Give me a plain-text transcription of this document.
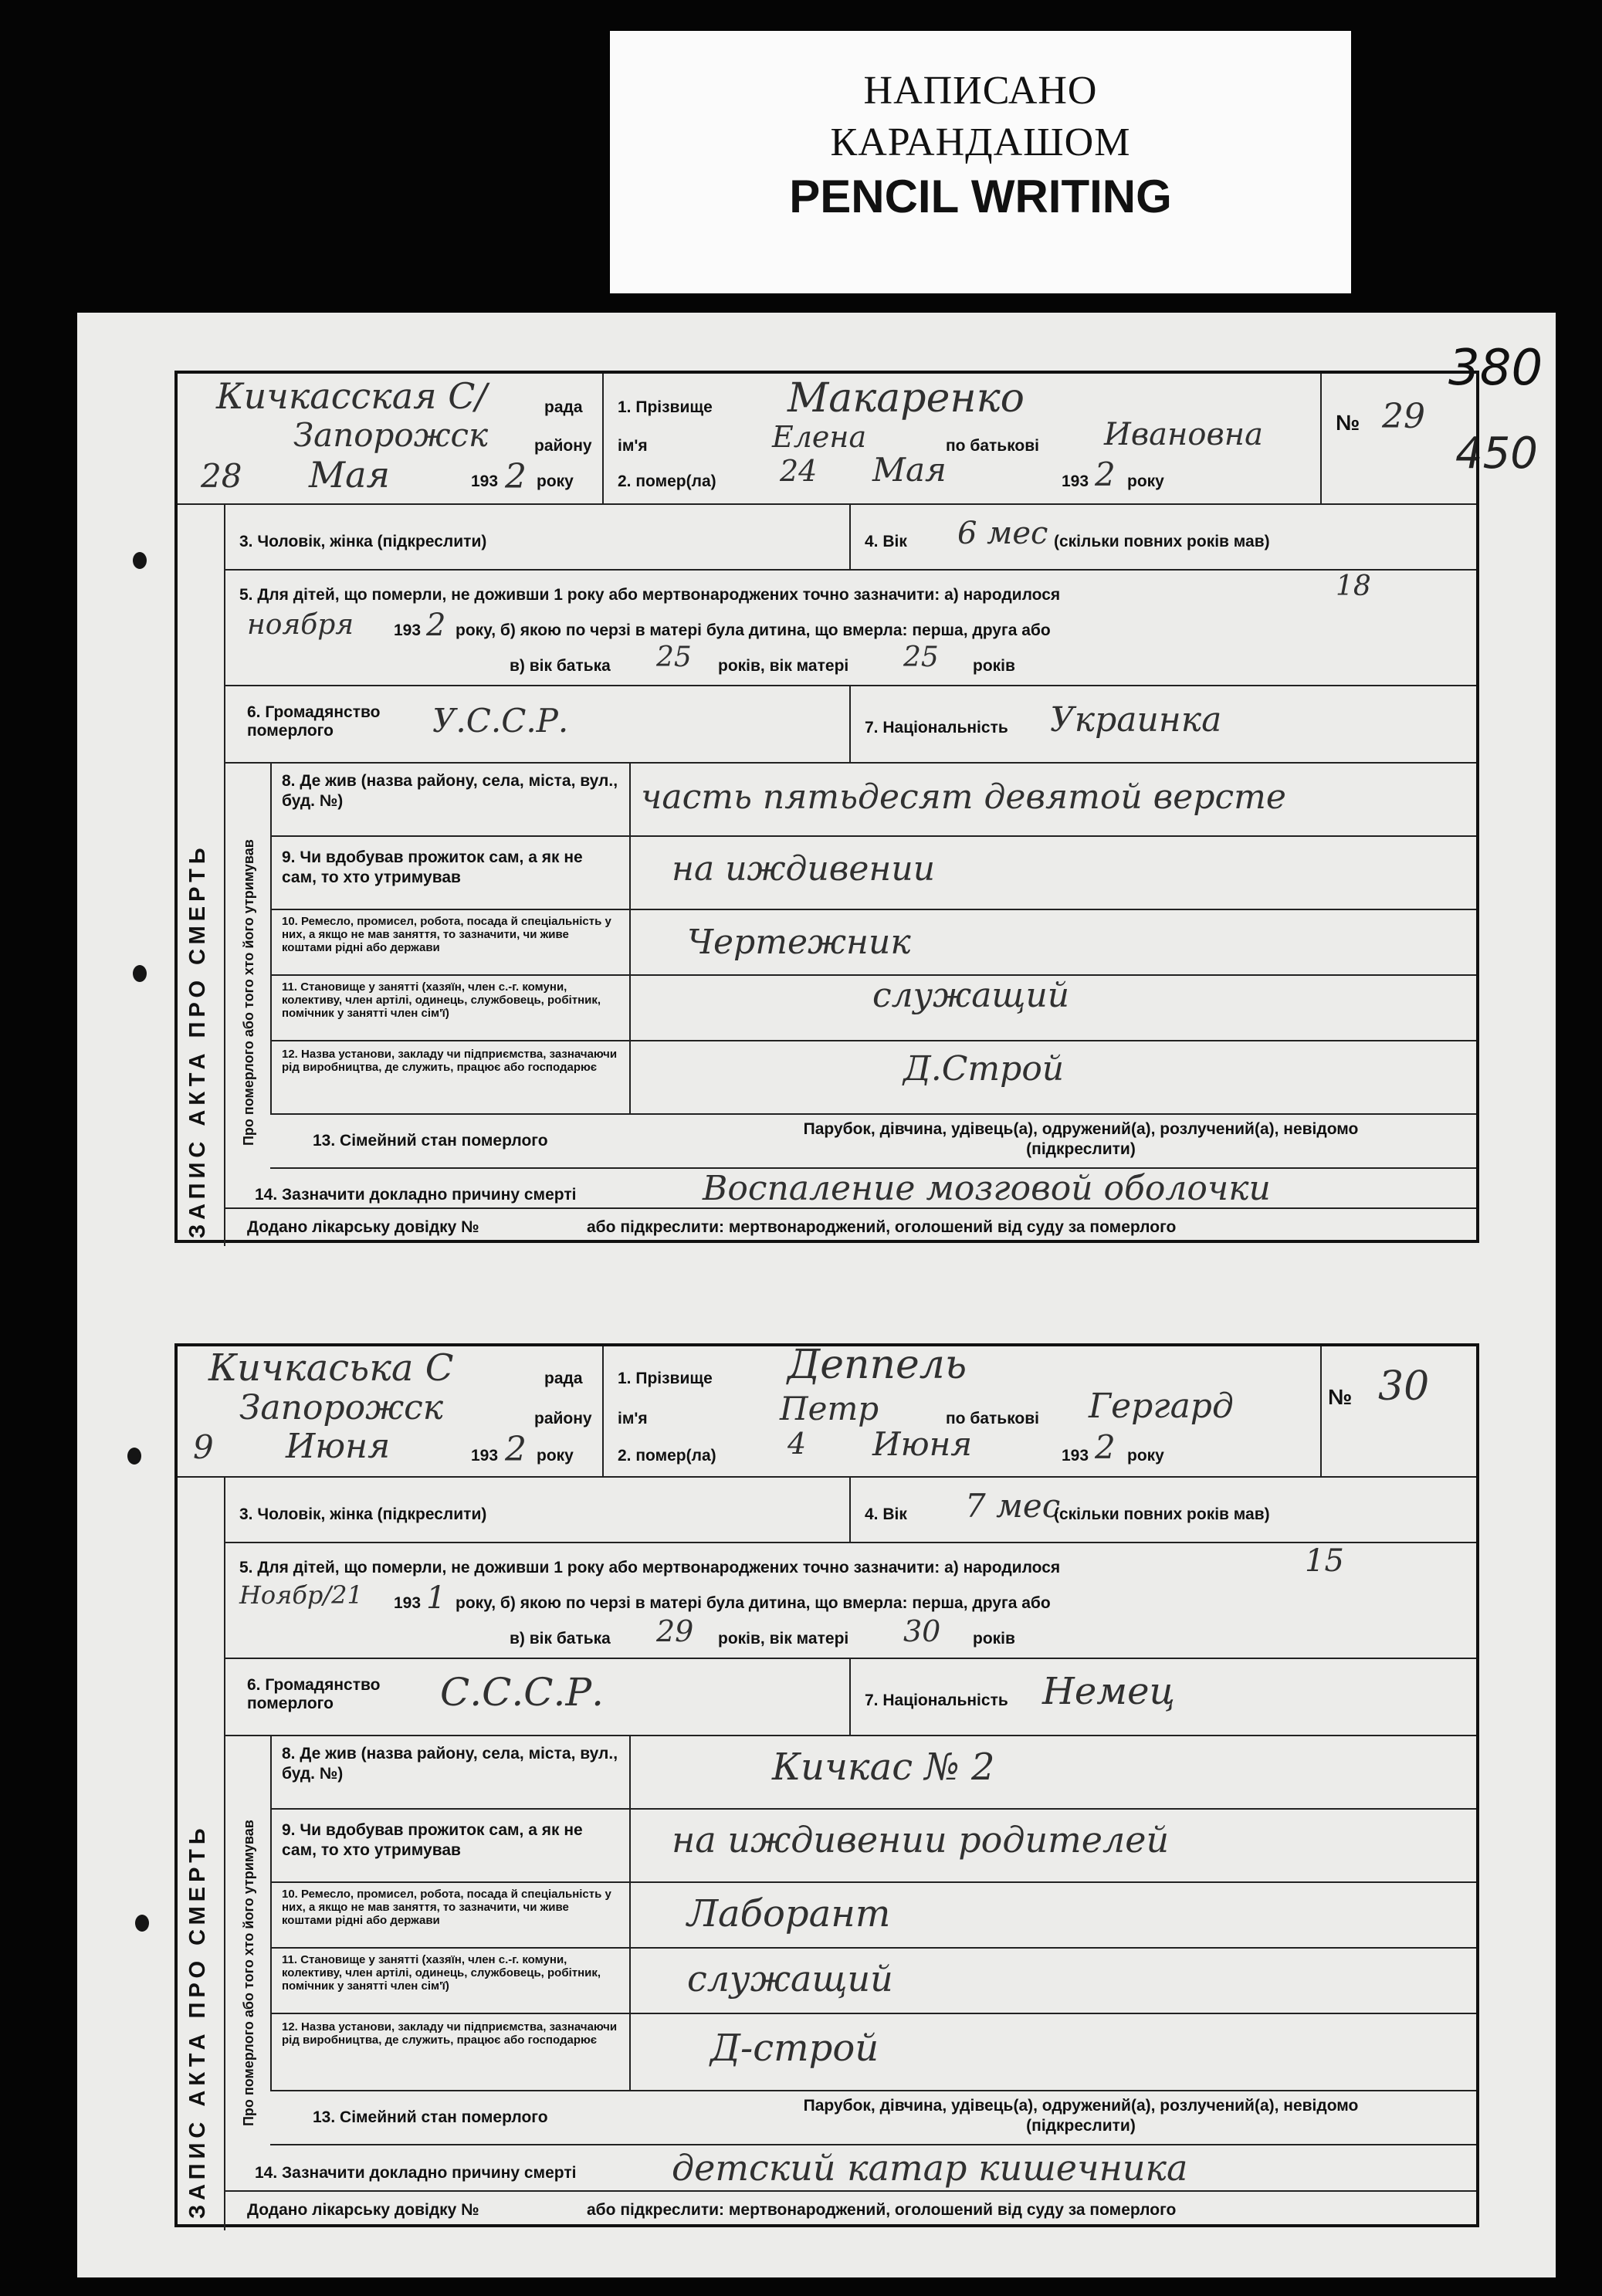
НАПИСАНО
КАРАНДАШОМ
PENCIL WRITING
380
450
Кичкасская С/	рада
Запорожск	району
28 Мая	193 2 року
1. Прізвище Макаренко
ім'я	Елена	по батькові Ивановна
2. помер(ла) 24 Мая	193 2 року
№ 29
ЗАПИС АКТА ПРО СМЕРТЬ
3. Чоловік, жінка (підкреслити)	4. Вік 6 мес (скільки повних років мав)
5. Для дітей, що померли, не доживши 1 року або мертвонароджених точно зазначити: а) народилося	18
ноября 193 2 року, б) якою по черзі в матері була дитина, що вмерла: перша, друга або
в) вік батька 25 років, вік матері 25 років
6. Громадянство померлого	У.С.С.Р.	7. Національність Украинка
Про померлого або того хто його утримував
8. Де жив (назва району, села, міста, вул., буд. №)	часть пятьдесят девятой версте
9. Чи вдобував прожиток сам, а як не сам, то хто утримував	на иждивении
10. Ремесло, промисел, робота, посада й спеціальність у них, а якщо не мав заняття, то зазначити, чи живе коштами рідні або держави	Чертежник
11. Становище у занятті (хазяїн, член с.-г. комуни, колективу, член артілі, одинець, службовець, робітник, помічник у занятті член сім'ї)	служащий
12. Назва установи, закладу чи підприємства, зазначаючи рід виробництва, де служить, працює або господарює	Д.Строй
13. Сімейний стан померлого
Парубок, дівчина, удівець(а), одружений(а), розлучений(а), невідомо (підкреслити)
14. Зазначити докладно причину смерті	Воспаление мозговой оболочки
Додано лікарську довідку №	або підкреслити: мертвонароджений, оголошений від суду за померлого
Кичкаська С	рада
Запорожск	району
9 Июня	193 2 року
1. Прізвище Деппель
ім'я	Петр	по батькові Гергард
2. помер(ла) 4 Июня	193 2 року
№ 30
ЗАПИС АКТА ПРО СМЕРТЬ
3. Чоловік, жінка (підкреслити)	4. Вік 7 мес
(скільки повних років мав)
5. Для дітей, що померли, не доживши 1 року або мертвонароджених точно зазначити: а) народилося	15
Ноябр/21 193 1 року, б) якою по черзі в матері була дитина, що вмерла: перша, друга або
в) вік батька 29 років, вік матері 30 років
6. Громадянство померлого	С.С.С.Р.	7. Національність Немец
Про померлого або того хто його утримував
8. Де жив (назва району, села, міста, вул., буд. №)	Кичкас № 2
9. Чи вдобував прожиток сам, а як не сам, то хто утримував	на иждивении родителей
10. Ремесло, промисел, робота, посада й спеціальність у них, а якщо не мав заняття, то зазначити, чи живе коштами рідні або держави	Лаборант
11. Становище у занятті (хазяїн, член с.-г. комуни, колективу, член артілі, одинець, службовець, робітник, помічник у занятті член сім'ї)	служащий
12. Назва установи, закладу чи підприємства, зазначаючи рід виробництва, де служить, працює або господарює	Д-строй
13. Сімейний стан померлого
Парубок, дівчина, удівець(а), одружений(а), розлучений(а), невідомо (підкреслити)
14. Зазначити докладно причину смерті	детский катар кишечника
Додано лікарську довідку №	або підкреслити: мертвонароджений, оголошений від суду за померлого
